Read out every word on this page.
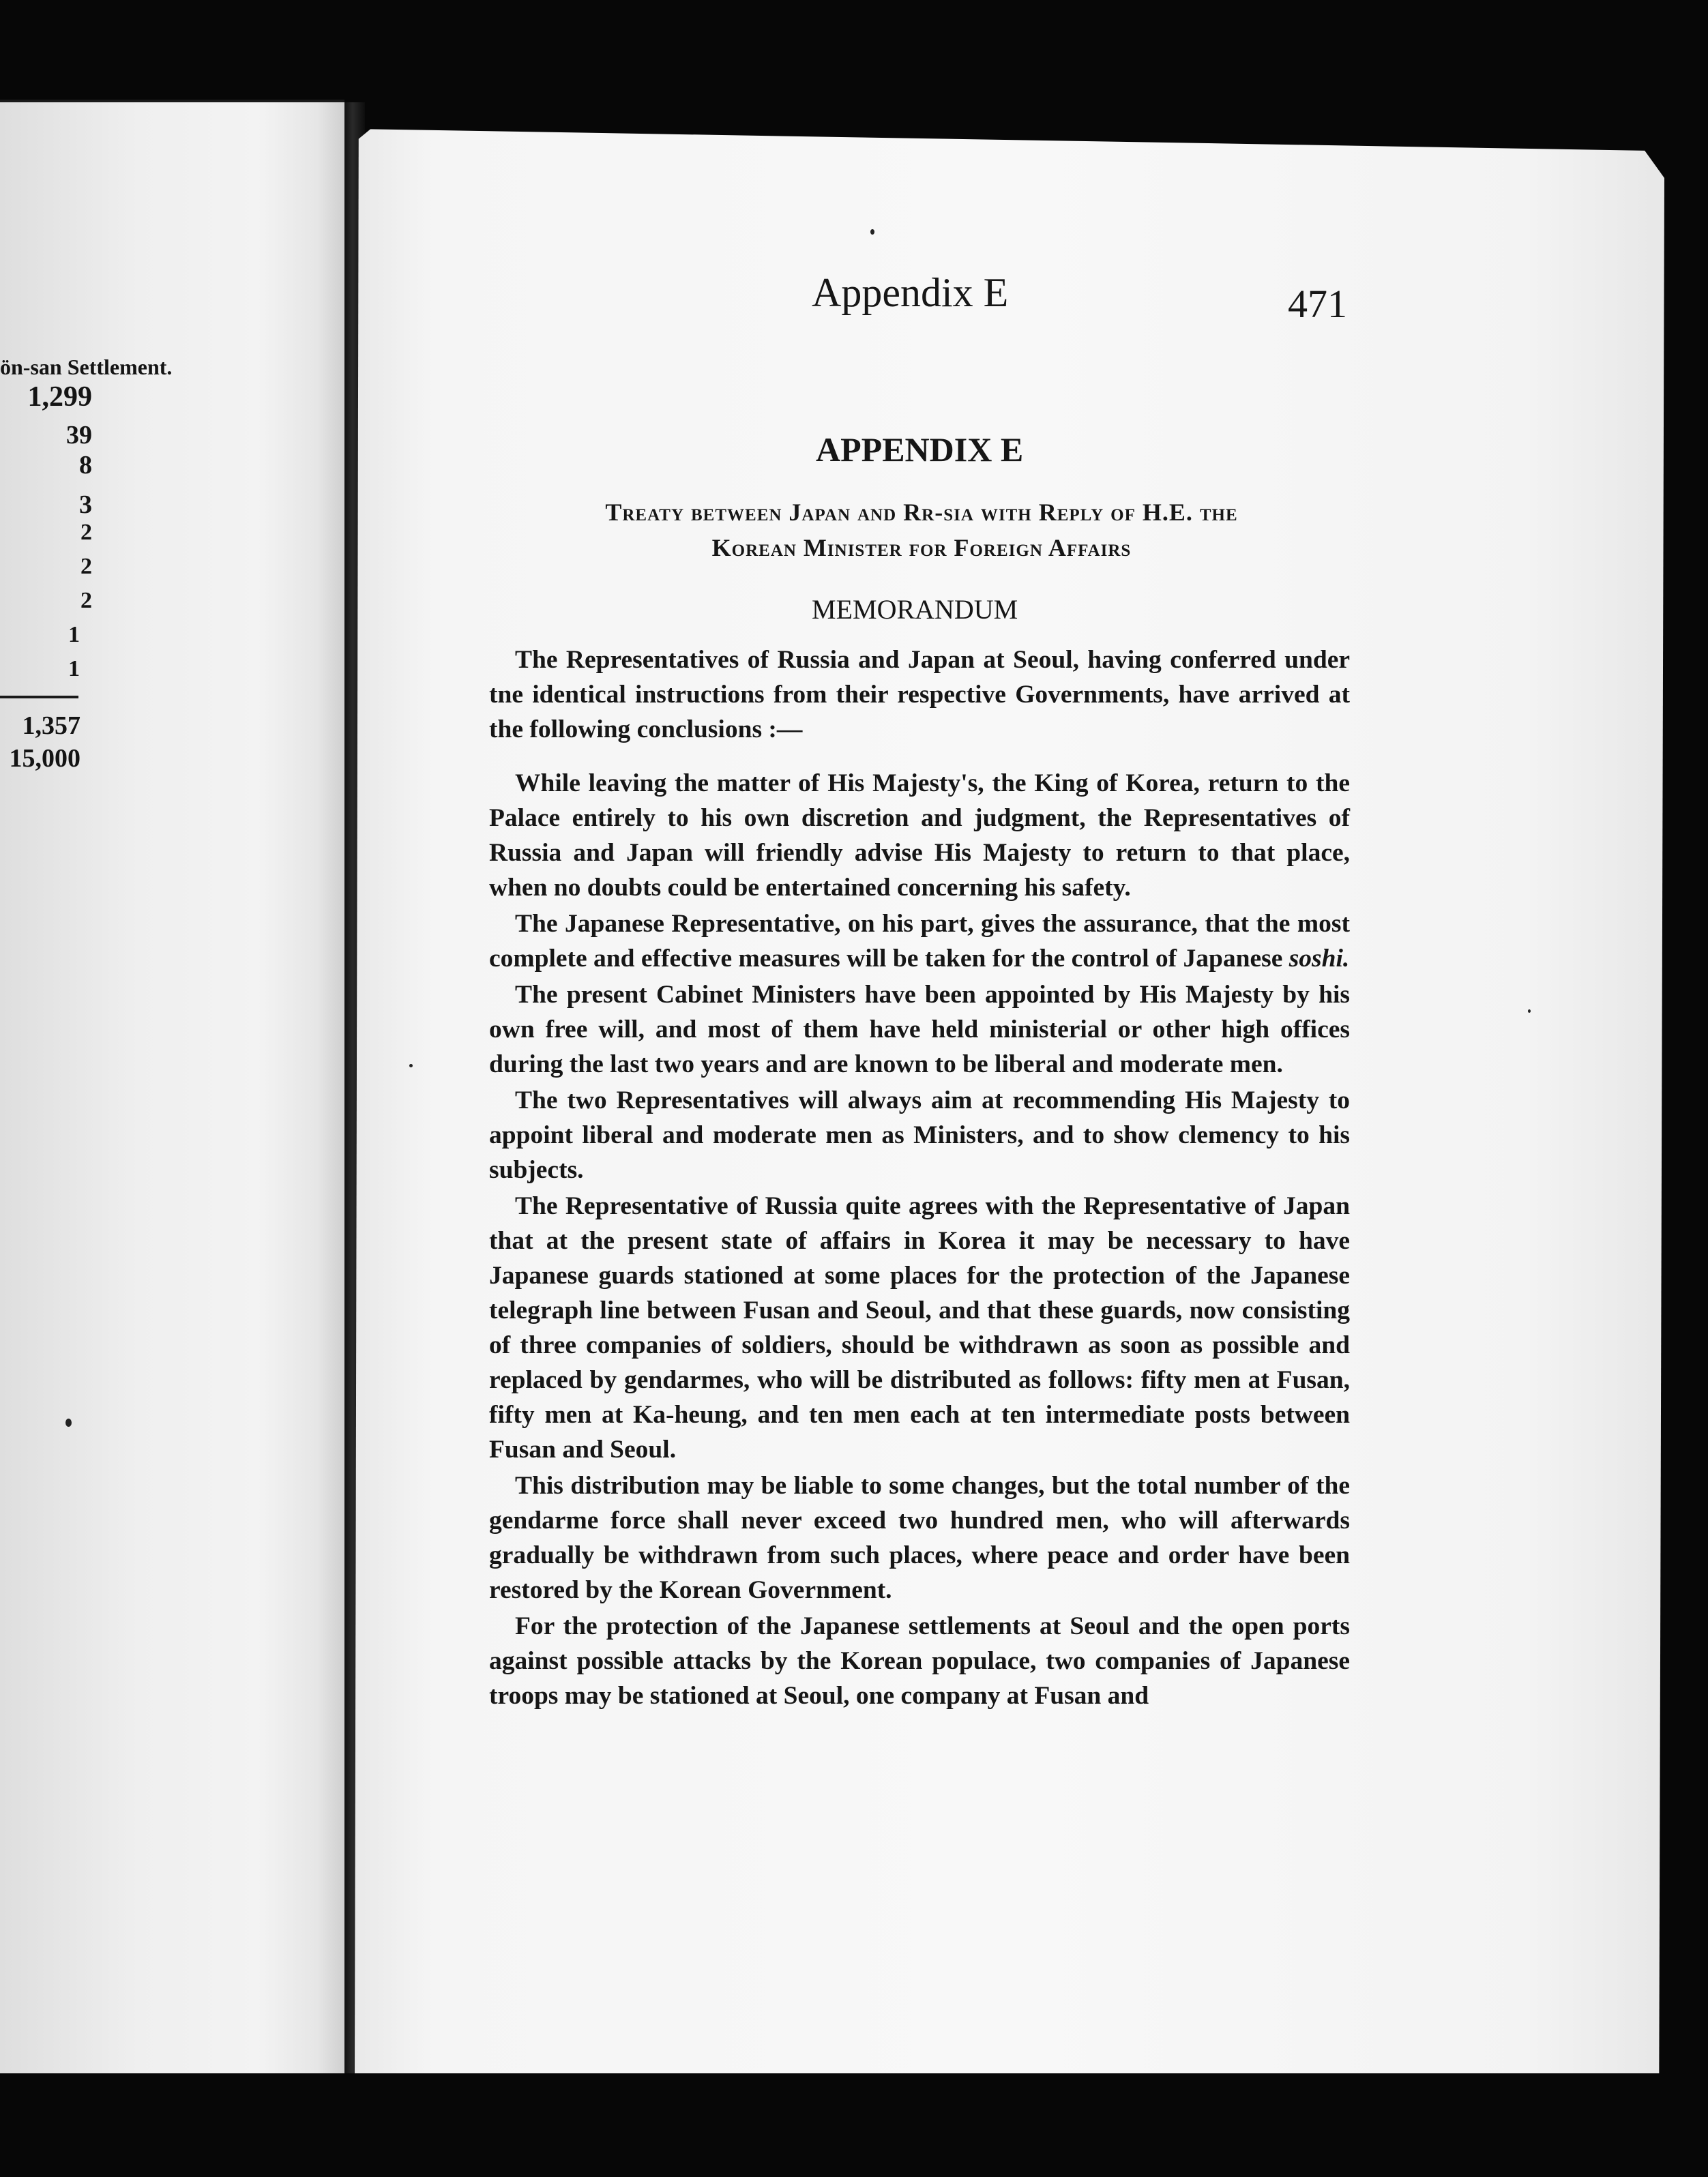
ön-san Settlement.
1,299
39
8
3
2
2
2
1
1
1,357
15,000
Appendix E	471
APPENDIX E
Treaty between Japan and Rr-sia with Reply of H.E. the
Korean Minister for Foreign Affairs
MEMORANDUM

The Representatives of Russia and Japan at Seoul, having conferred under tne identical instructions from their respective Governments, have arrived at the following conclusions :—

While leaving the matter of His Majesty's, the King of Korea, return to the Palace entirely to his own discretion and judgment, the Representatives of Russia and Japan will friendly advise His Majesty to return to that place, when no doubts could be entertained concerning his safety.

The Japanese Representative, on his part, gives the assurance, that the most complete and effective measures will be taken for the control of Japanese soshi.

The present Cabinet Ministers have been appointed by His Majesty by his own free will, and most of them have held ministerial or other high offices during the last two years and are known to be liberal and moderate men.

The two Representatives will always aim at recommending His Majesty to appoint liberal and moderate men as Ministers, and to show clemency to his subjects.

The Representative of Russia quite agrees with the Representative of Japan that at the present state of affairs in Korea it may be necessary to have Japanese guards stationed at some places for the protection of the Japanese telegraph line between Fusan and Seoul, and that these guards, now consisting of three companies of soldiers, should be withdrawn as soon as possible and replaced by gendarmes, who will be distributed as follows: fifty men at Fusan, fifty men at Ka-heung, and ten men each at ten intermediate posts between Fusan and Seoul.

This distribution may be liable to some changes, but the total number of the gendarme force shall never exceed two hundred men, who will afterwards gradually be withdrawn from such places, where peace and order have been restored by the Korean Government.

For the protection of the Japanese settlements at Seoul and the open ports against possible attacks by the Korean populace, two companies of Japanese troops may be stationed at Seoul, one company at Fusan and
